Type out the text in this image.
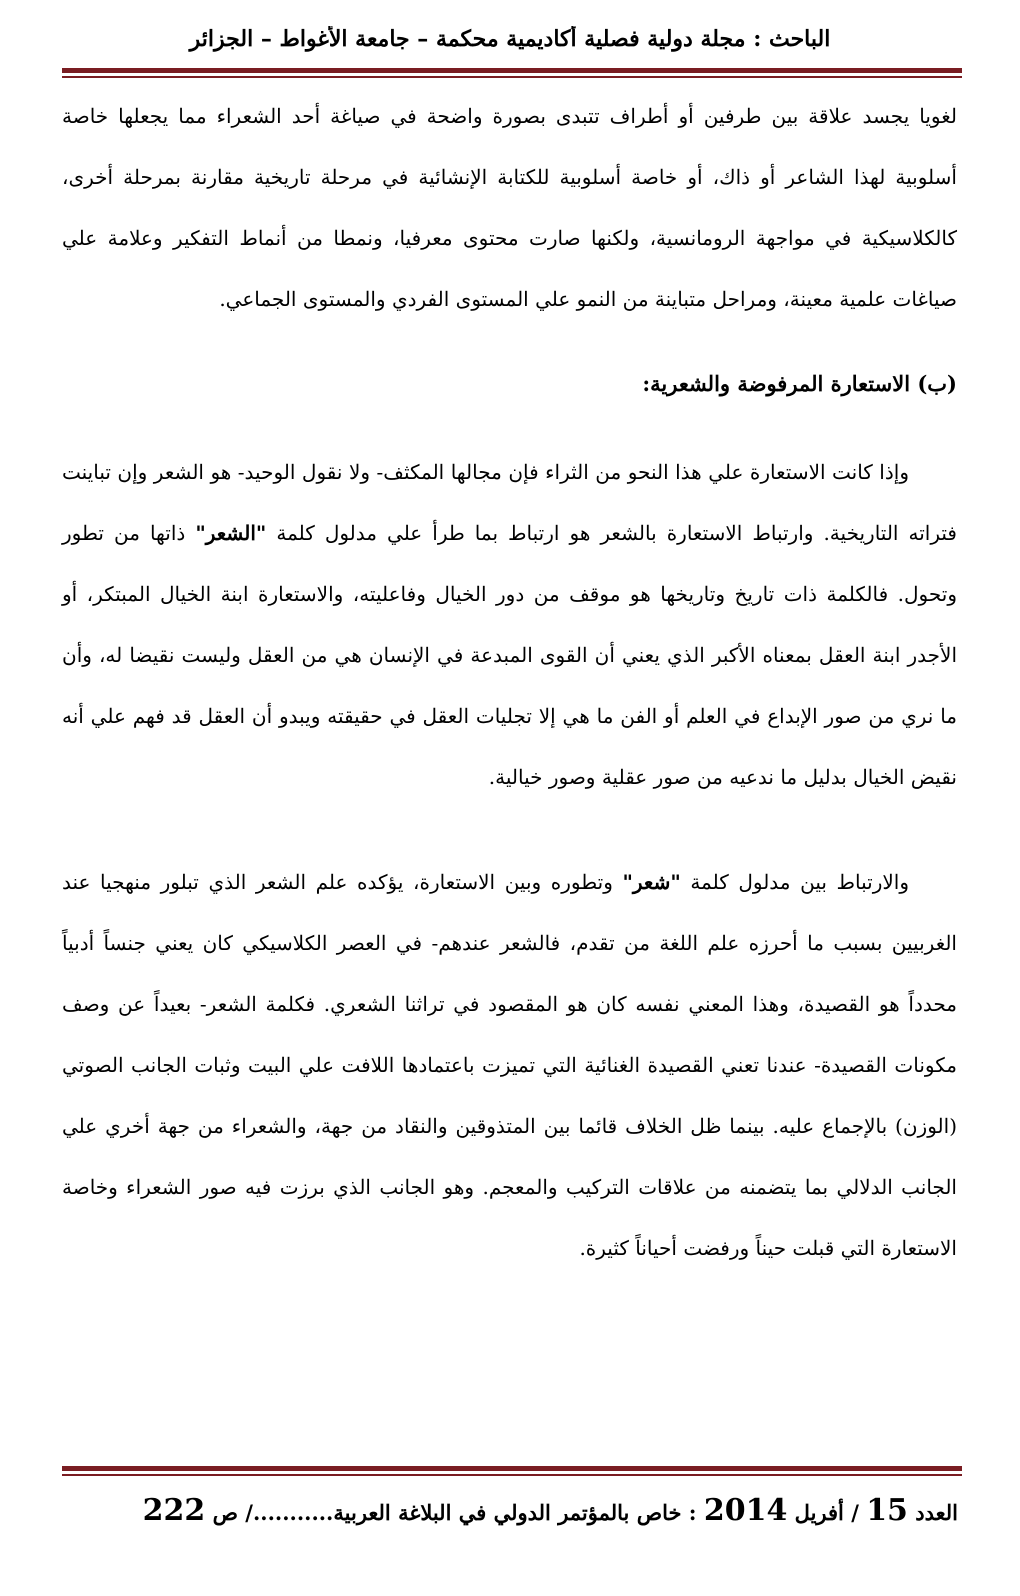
الباحث : مجلة دولية فصلية أكاديمية محكمة – جامعة الأغواط – الجزائر

لغويا يجسد علاقة بين طرفين أو أطراف تتبدى بصورة واضحة في صياغة أحد الشعراء مما يجعلها خاصة أسلوبية لهذا الشاعر أو ذاك، أو خاصة أسلوبية للكتابة الإنشائية في مرحلة تاريخية مقارنة بمرحلة أخرى، كالكلاسيكية في مواجهة الرومانسية، ولكنها صارت محتوى معرفيا، ونمطا من أنماط التفكير وعلامة علي صياغات علمية معينة، ومراحل متباينة من النمو علي المستوى الفردي والمستوى الجماعي.

(ب) الاستعارة المرفوضة والشعرية:

وإذا كانت الاستعارة علي هذا النحو من الثراء فإن مجالها المكثف- ولا نقول الوحيد- هو الشعر وإن تباينت فتراته التاريخية. وارتباط الاستعارة بالشعر هو ارتباط بما طرأ علي مدلول كلمة "الشعر" ذاتها من تطور وتحول. فالكلمة ذات تاريخ وتاريخها هو موقف من دور الخيال وفاعليته، والاستعارة ابنة الخيال المبتكر، أو الأجدر ابنة العقل بمعناه الأكبر الذي يعني أن القوى المبدعة في الإنسان هي من العقل وليست نقيضا له، وأن ما نري من صور الإبداع في العلم أو الفن ما هي إلا تجليات العقل في حقيقته ويبدو أن العقل قد فهم علي أنه نقيض الخيال بدليل ما ندعيه من صور عقلية وصور خيالية.

والارتباط بين مدلول كلمة "شعر" وتطوره وبين الاستعارة، يؤكده علم الشعر الذي تبلور منهجيا عند الغربيين بسبب ما أحرزه علم اللغة من تقدم، فالشعر عندهم- في العصر الكلاسيكي كان يعني جنساً أدبياً محدداً هو القصيدة، وهذا المعني نفسه كان هو المقصود في تراثنا الشعري. فكلمة الشعر- بعيداً عن وصف مكونات القصيدة- عندنا تعني القصيدة الغنائية التي تميزت باعتمادها اللافت علي البيت وثبات الجانب الصوتي (الوزن) بالإجماع عليه. بينما ظل الخلاف قائما بين المتذوقين والنقاد من جهة، والشعراء من جهة أخري علي الجانب الدلالي بما يتضمنه من علاقات التركيب والمعجم. وهو الجانب الذي برزت فيه صور الشعراء وخاصة الاستعارة التي قبلت حيناً ورفضت أحياناً كثيرة.

العدد 15 / أفريل 2014 : خاص بالمؤتمر الدولي في البلاغة العربية.........../ ص 222
